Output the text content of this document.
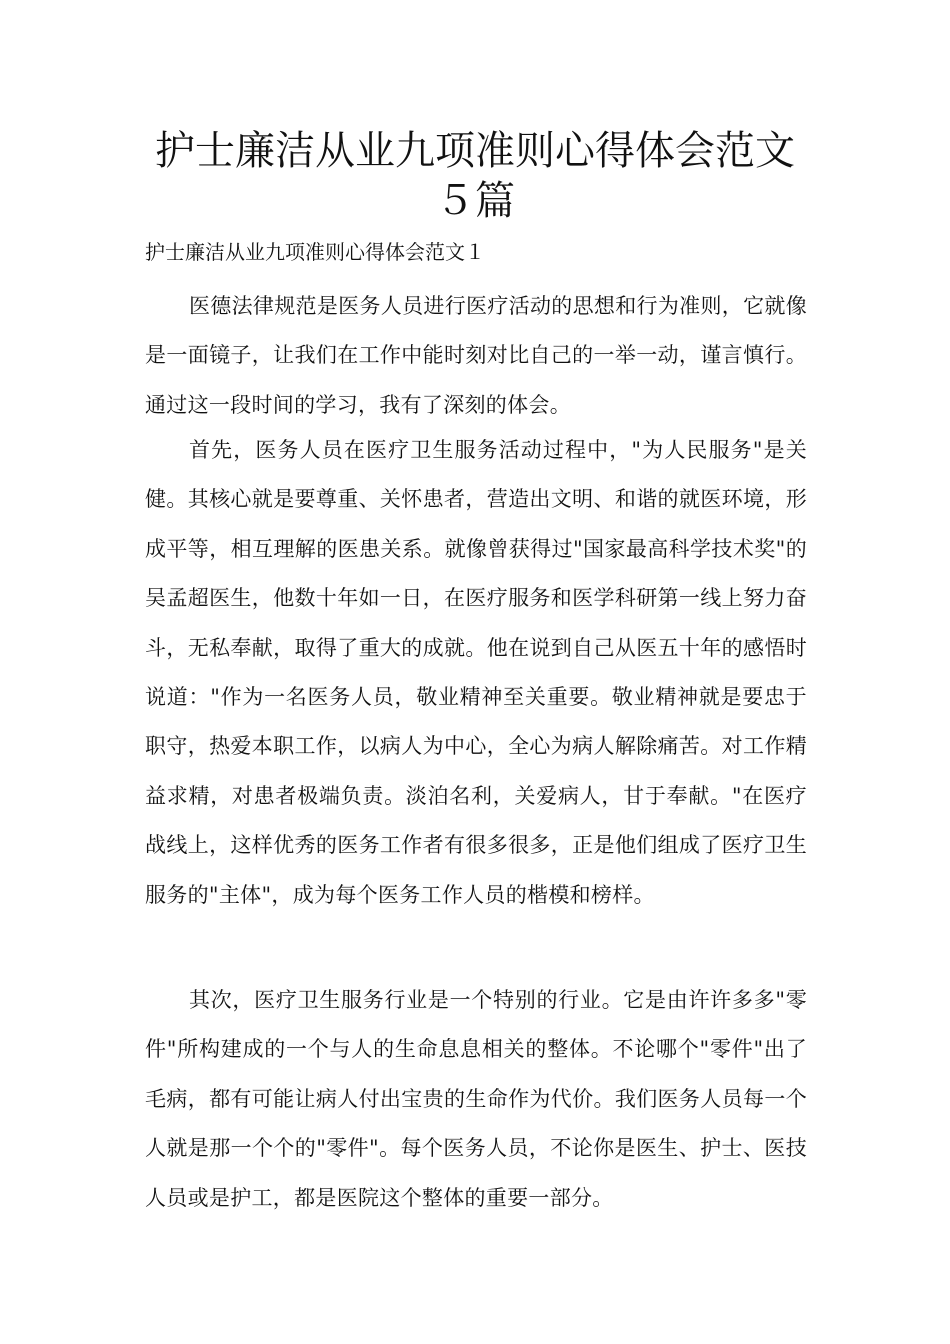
护士廉洁从业九项准则心得体会范文５篇

护士廉洁从业九项准则心得体会范文１

医德法律规范是医务人员进行医疗活动的思想和行为准则，它就像是一面镜子，让我们在工作中能时刻对比自己的一举一动，谨言慎行。通过这一段时间的学习，我有了深刻的体会。

首先，医务人员在医疗卫生服务活动过程中，"为人民服务"是关健。其核心就是要尊重、关怀患者，营造出文明、和谐的就医环境，形成平等，相互理解的医患关系。就像曾获得过"国家最高科学技术奖"的吴孟超医生，他数十年如一日，在医疗服务和医学科研第一线上努力奋斗，无私奉献，取得了重大的成就。他在说到自己从医五十年的感悟时说道："作为一名医务人员，敬业精神至关重要。敬业精神就是要忠于职守，热爱本职工作，以病人为中心，全心为病人解除痛苦。对工作精益求精，对患者极端负责。淡泊名利，关爱病人，甘于奉献。"在医疗战线上，这样优秀的医务工作者有很多很多，正是他们组成了医疗卫生服务的"主体"，成为每个医务工作人员的楷模和榜样。

其次，医疗卫生服务行业是一个特别的行业。它是由许许多多"零件"所构建成的一个与人的生命息息相关的整体。不论哪个"零件"出了毛病，都有可能让病人付出宝贵的生命作为代价。我们医务人员每一个人就是那一个个的"零件"。每个医务人员，不论你是医生、护士、医技人员或是护工，都是医院这个整体的重要一部分。
